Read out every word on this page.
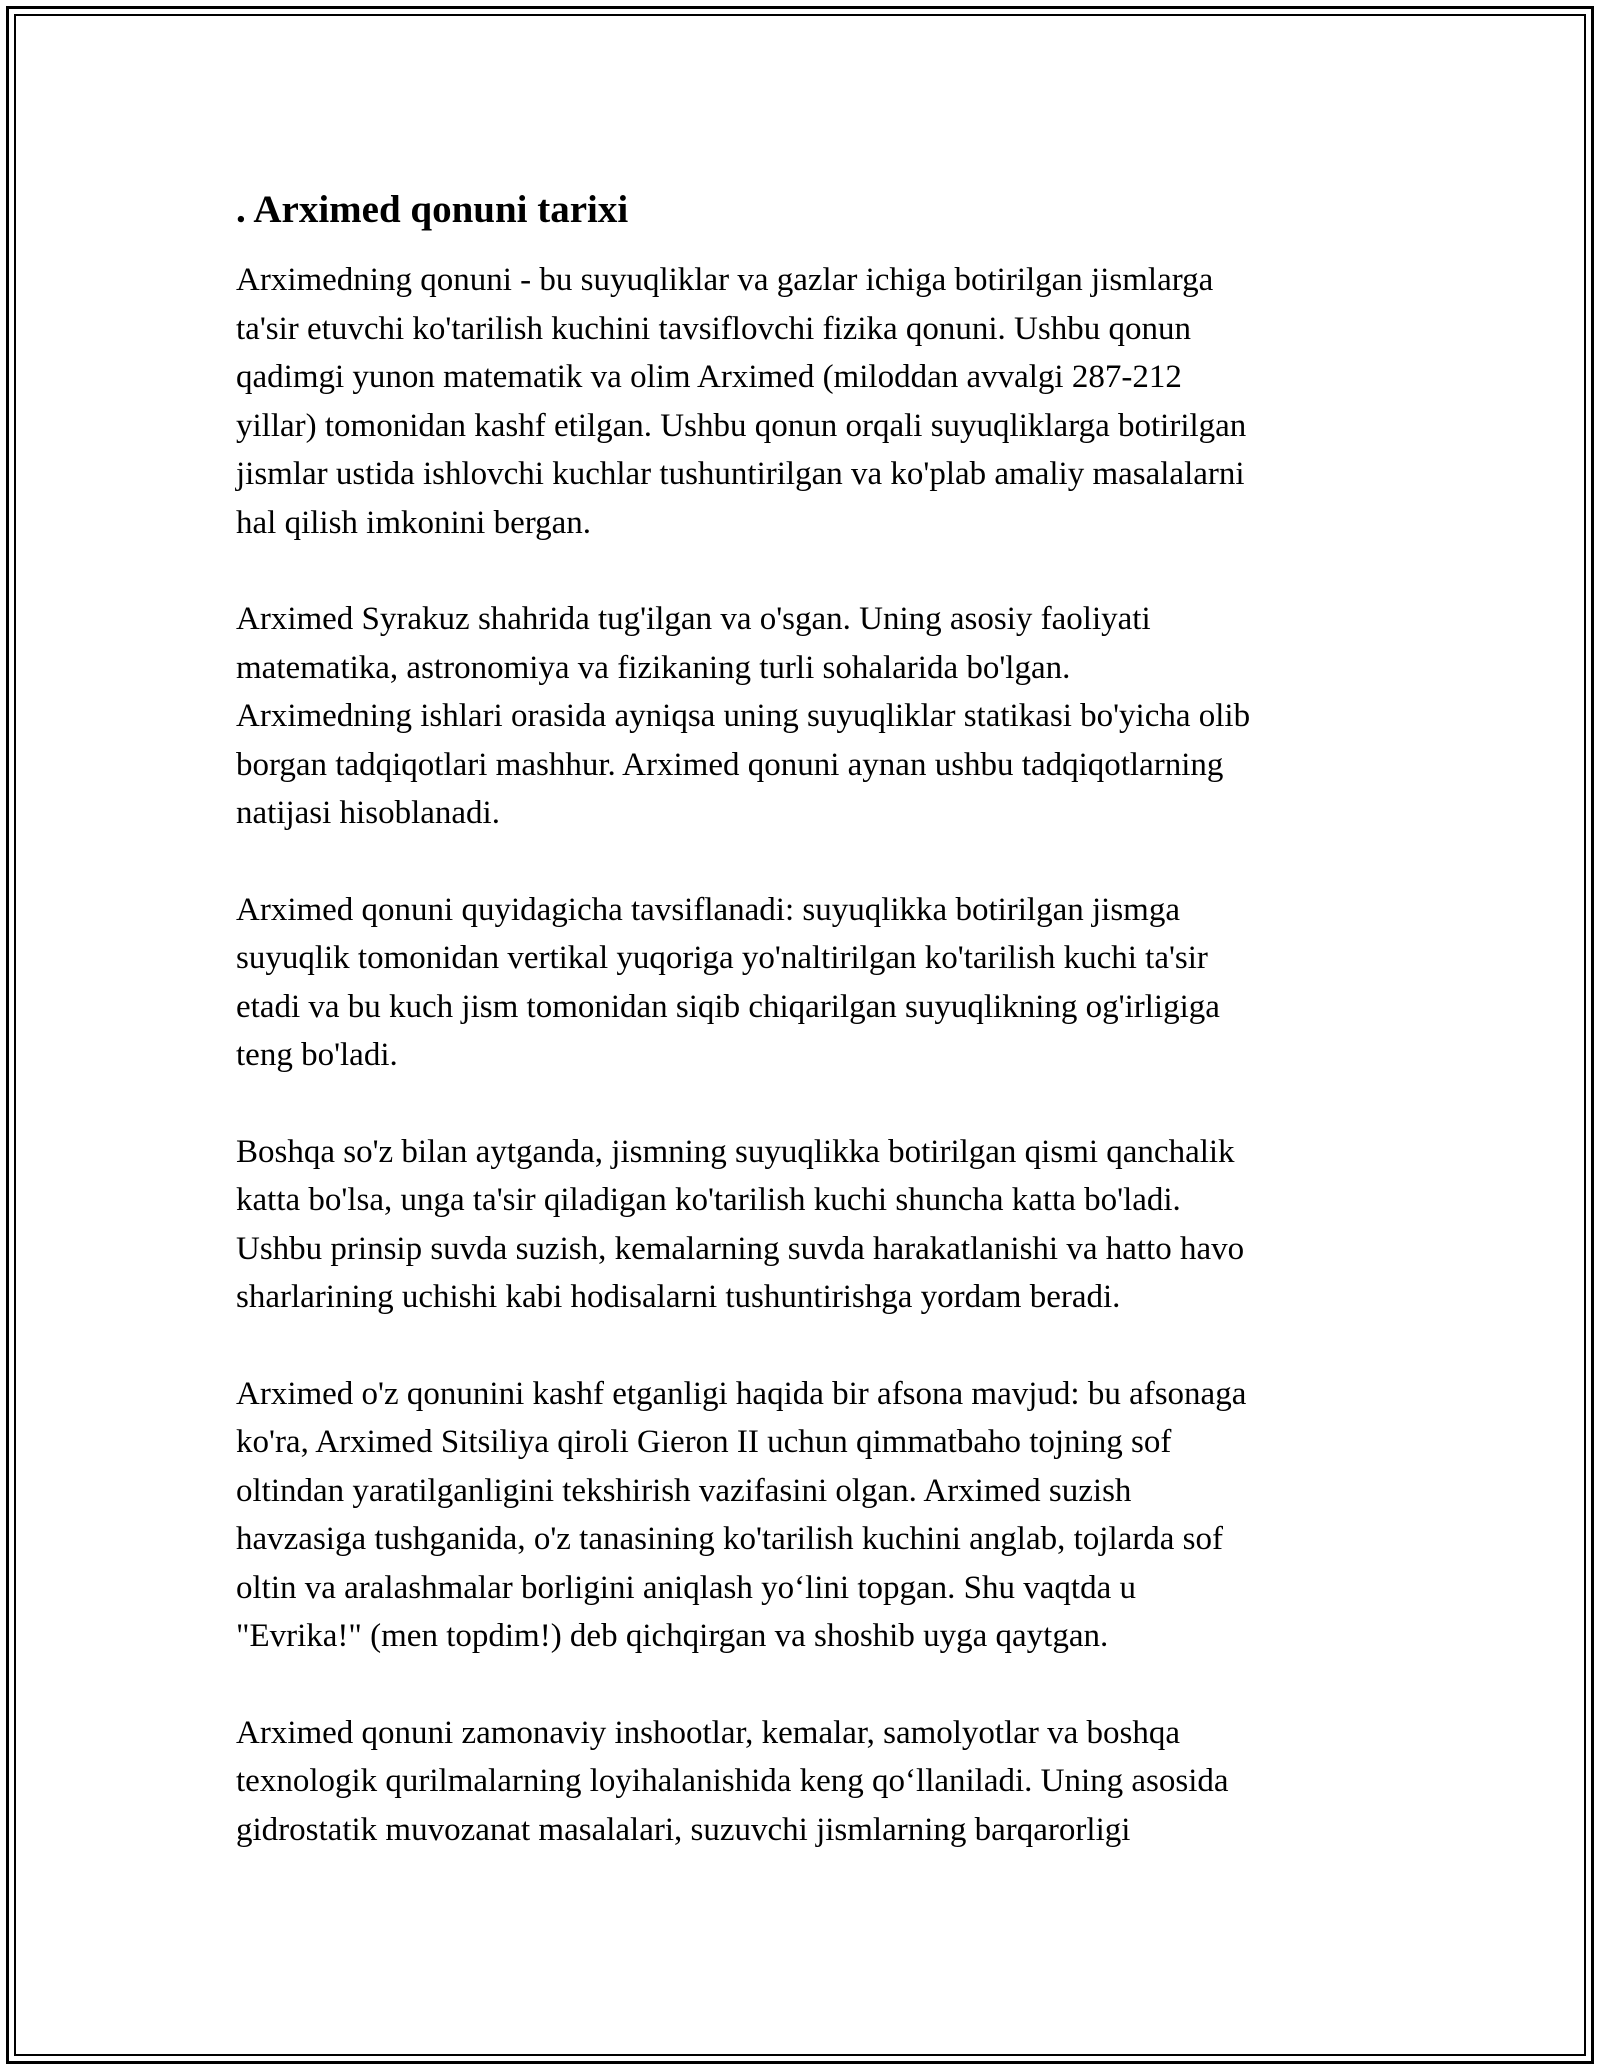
. Arximed qonuni tarixi
Arximedning qonuni - bu suyuqliklar va gazlar ichiga botirilgan jismlarga
ta'sir etuvchi ko'tarilish kuchini tavsiflovchi fizika qonuni. Ushbu qonun
qadimgi yunon matematik va olim Arximed (miloddan avvalgi 287-212
yillar) tomonidan kashf etilgan. Ushbu qonun orqali suyuqliklarga botirilgan
jismlar ustida ishlovchi kuchlar tushuntirilgan va ko'plab amaliy masalalarni
hal qilish imkonini bergan.
Arximed Syrakuz shahrida tug'ilgan va o'sgan. Uning asosiy faoliyati
matematika, astronomiya va fizikaning turli sohalarida bo'lgan.
Arximedning ishlari orasida ayniqsa uning suyuqliklar statikasi bo'yicha olib
borgan tadqiqotlari mashhur. Arximed qonuni aynan ushbu tadqiqotlarning
natijasi hisoblanadi.
Arximed qonuni quyidagicha tavsiflanadi: suyuqlikka botirilgan jismga
suyuqlik tomonidan vertikal yuqoriga yo'naltirilgan ko'tarilish kuchi ta'sir
etadi va bu kuch jism tomonidan siqib chiqarilgan suyuqlikning og'irligiga
teng bo'ladi.
Boshqa so'z bilan aytganda, jismning suyuqlikka botirilgan qismi qanchalik
katta bo'lsa, unga ta'sir qiladigan ko'tarilish kuchi shuncha katta bo'ladi.
Ushbu prinsip suvda suzish, kemalarning suvda harakatlanishi va hatto havo
sharlarining uchishi kabi hodisalarni tushuntirishga yordam beradi.
Arximed o'z qonunini kashf etganligi haqida bir afsona mavjud: bu afsonaga
ko'ra, Arximed Sitsiliya qiroli Gieron II uchun qimmatbaho tojning sof
oltindan yaratilganligini tekshirish vazifasini olgan. Arximed suzish
havzasiga tushganida, o'z tanasining ko'tarilish kuchini anglab, tojlarda sof
oltin va aralashmalar borligini aniqlash yo‘lini topgan. Shu vaqtda u
"Evrika!" (men topdim!) deb qichqirgan va shoshib uyga qaytgan.
Arximed qonuni zamonaviy inshootlar, kemalar, samolyotlar va boshqa
texnologik qurilmalarning loyihalanishida keng qo‘llaniladi. Uning asosida
gidrostatik muvozanat masalalari, suzuvchi jismlarning barqarorligi
